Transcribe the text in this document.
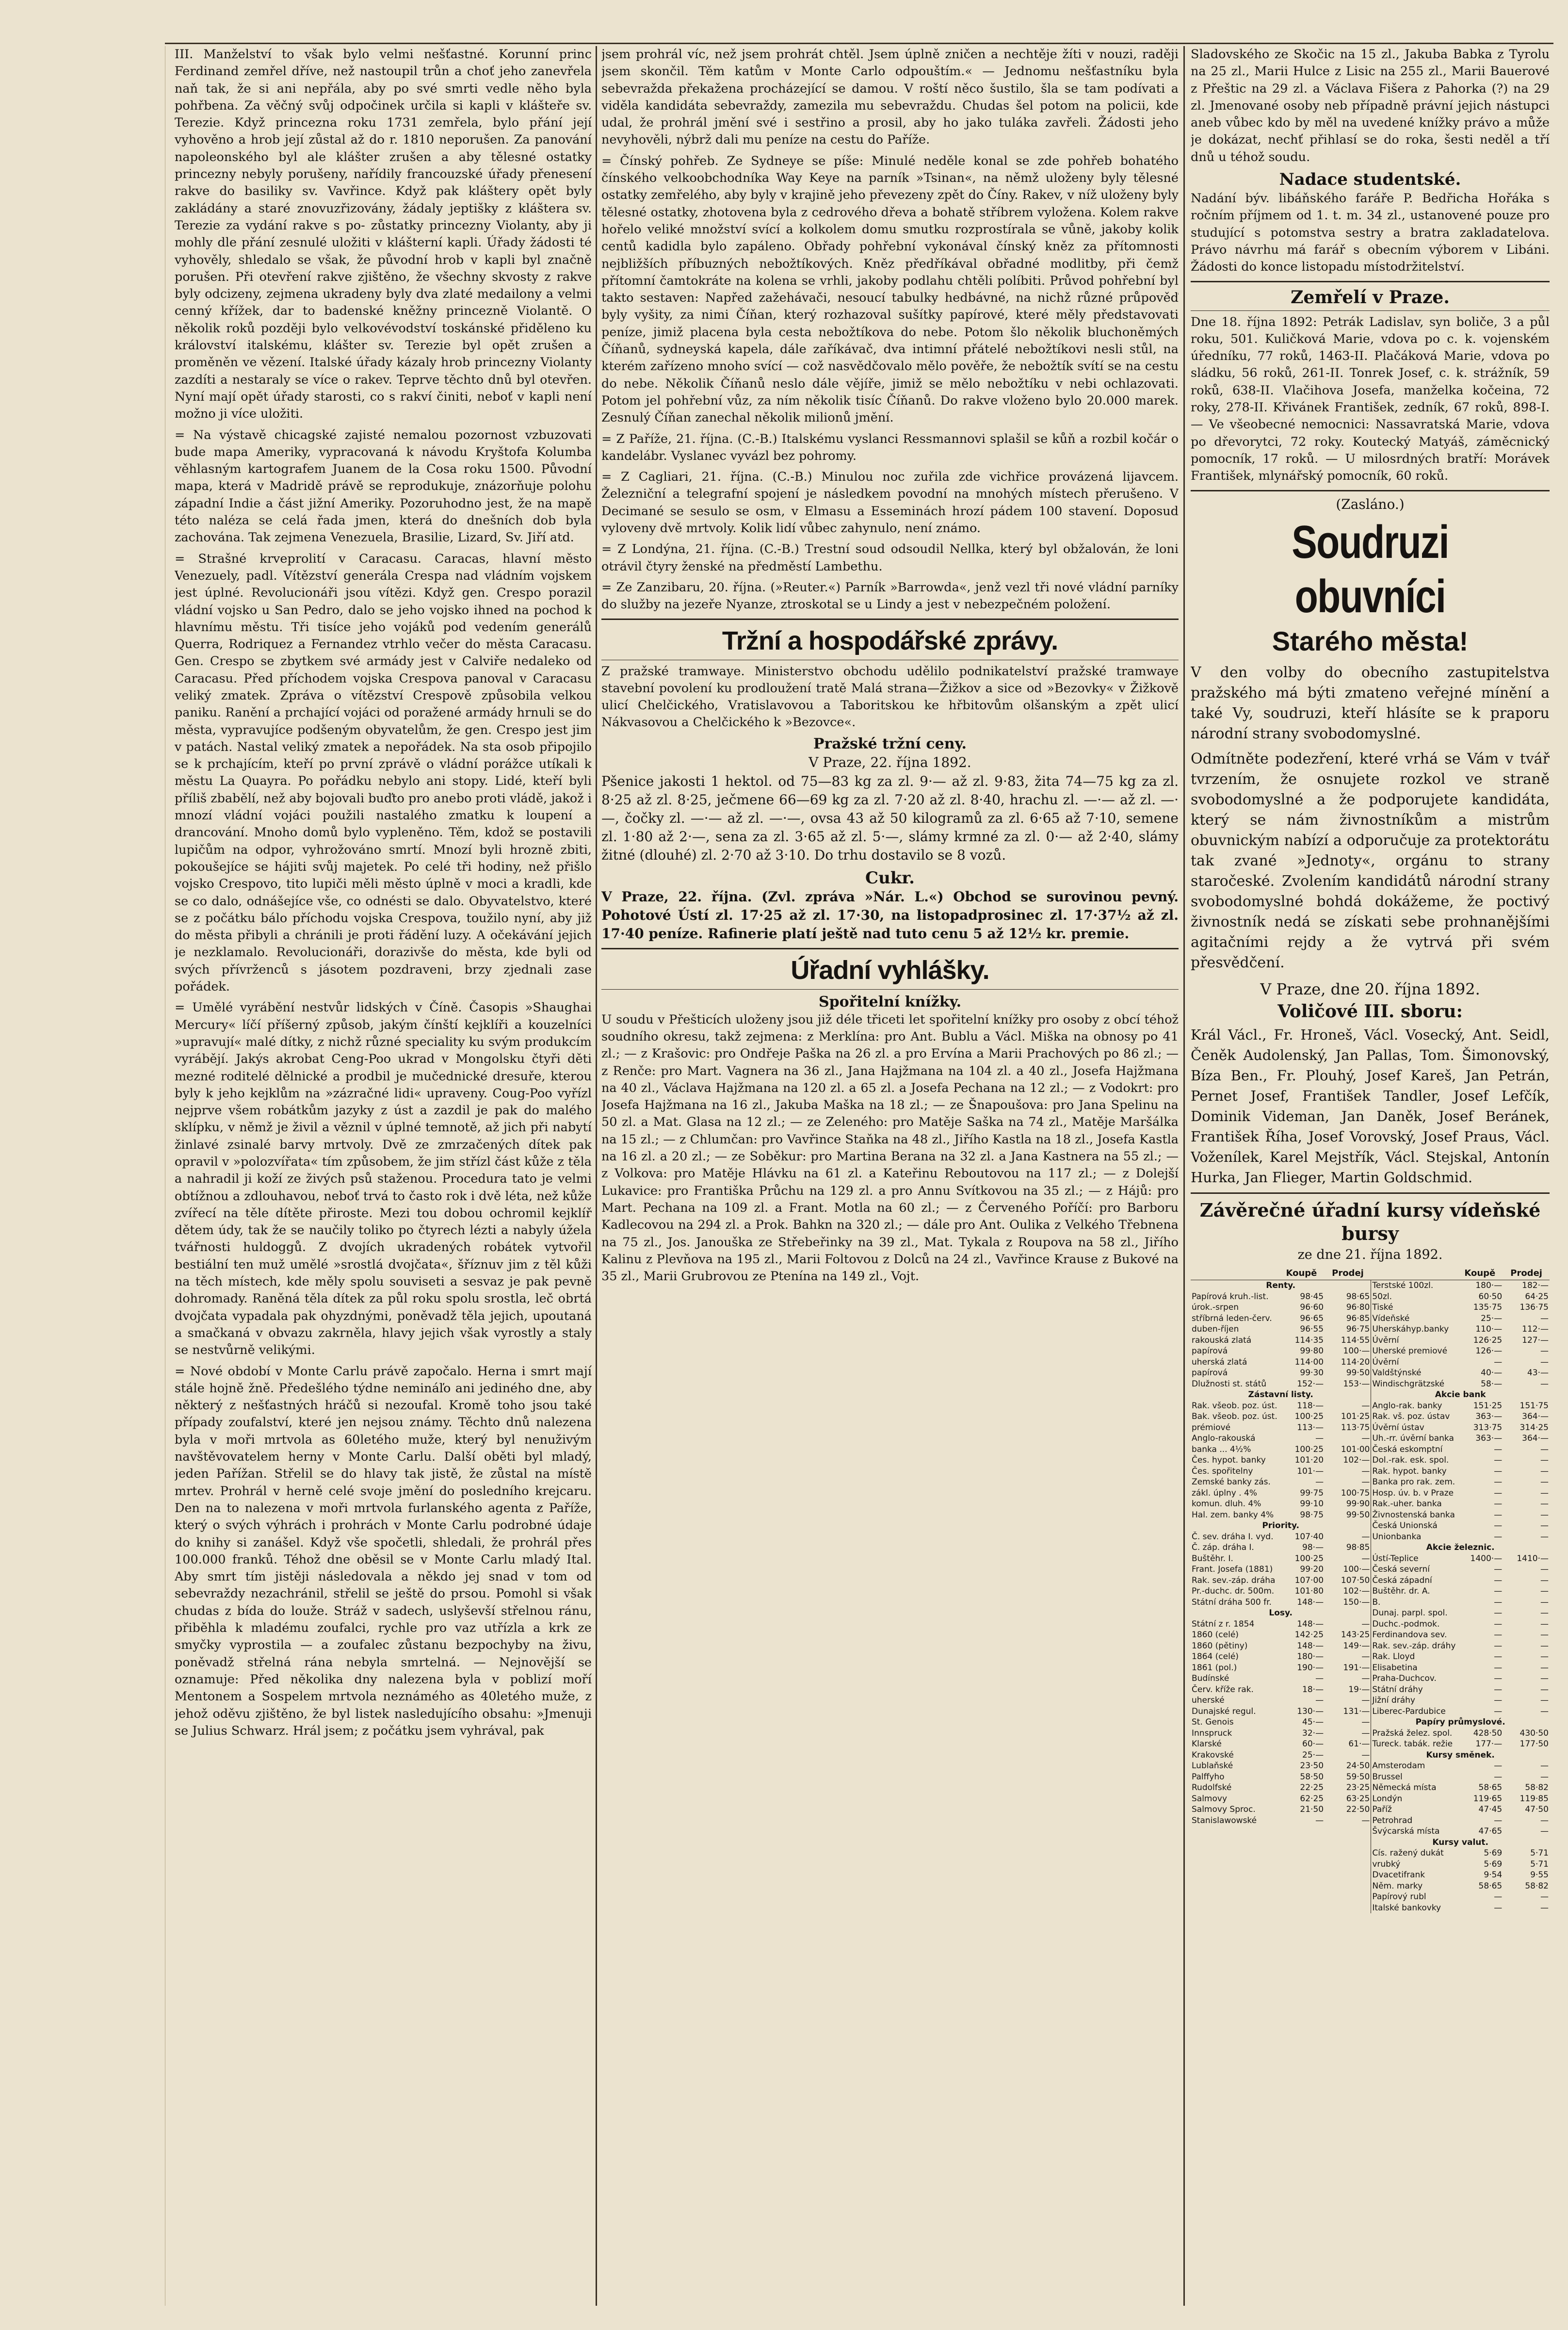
III. Manželství to však bylo velmi nešťastné. Korunní princ Ferdinand zemřel dříve, než nastoupil trůn a choť jeho zanevřela naň tak, že si ani nepřála, aby po své smrti vedle něho byla pohřbena. Za věčný svůj odpočinek určila si kapli v klášteře sv. Terezie. Když princezna roku 1731 zemřela, bylo přání její vyhověno a hrob její zůstal až do r. 1810 neporušen. Za panování napoleonského byl ale klášter zrušen a aby tělesné ostatky princezny nebyly porušeny, nařídily francouzské úřady přenesení rakve do basiliky sv. Vavřince. Když pak kláštery opět byly zakládány a staré znovuzřizovány, žádaly jeptišky z kláštera sv. Terezie za vydání rakve s po- zůstatky princezny Violanty, aby ji mohly dle přání zesnulé uložiti v klášterní kapli. Úřady žádosti té vyhověly, shledalo se však, že původní hrob v kapli byl značně porušen. Při otevření rakve zjištěno, že všechny skvosty z rakve byly odcizeny, zejmena ukradeny byly dva zlaté medailony a velmi cenný křížek, dar to badenské kněžny princezně Violantě. O několik roků později bylo velkovévodství toskánské přiděleno ku království italskému, klášter sv. Terezie byl opět zrušen a proměněn ve vězení. Italské úřady kázaly hrob princezny Violanty zazdíti a nestaraly se více o rakev. Teprve těchto dnů byl otevřen. Nyní mají opět úřady starosti, co s rakví činiti, neboť v kapli není možno ji více uložiti.

= Na výstavě chicagské zajisté nemalou pozornost vzbuzovati bude mapa Ameriky, vypracovaná k návodu Kryštofa Kolumba věhlasným kartografem Juanem de la Cosa roku 1500. Původní mapa, která v Madridě právě se reprodukuje, znázorňuje polohu západní Indie a část jižní Ameriky. Pozoruhodno jest, že na mapě této naléza se celá řada jmen, která do dnešních dob byla zachována. Tak zejmena Venezuela, Brasilie, Lizard, Sv. Jiří atd.

= Strašné krveprolití v Caracasu. Caracas, hlavní město Venezuely, padl. Vítězství generála Crespa nad vládním vojskem jest úplné. Revolucionáři jsou vítězi. Když gen. Crespo porazil vládní vojsko u San Pedro, dalo se jeho vojsko ihned na pochod k hlavnímu městu. Tři tisíce jeho vojáků pod vedením generálů Querra, Rodriquez a Fernandez vtrhlo večer do města Caracasu. Gen. Crespo se zbytkem své armády jest v Calviře nedaleko od Caracasu. Před příchodem vojska Crespova panoval v Caracasu veliký zmatek. Zpráva o vítězství Crespově způsobila velkou paniku. Ranění a prchající vojáci od poražené armády hrnuli se do města, vypravujíce podšeným obyvatelům, že gen. Crespo jest jim v patách. Nastal veliký zmatek a nepořádek. Na sta osob připojilo se k prchajícím, kteří po první zprávě o vládní porážce utíkali k městu La Quayra. Po pořádku nebylo ani stopy. Lidé, kteří byli příliš zbabělí, než aby bojovali buďto pro anebo proti vládě, jakož i mnozí vládní vojáci použili nastalého zmatku k loupení a drancování. Mnoho domů bylo vypleněno. Těm, kdož se postavili lupičům na odpor, vyhrožováno smrtí. Mnozí byli hrozně zbiti, pokoušejíce se hájiti svůj majetek. Po celé tři hodiny, než přišlo vojsko Crespovo, tito lupiči měli město úplně v moci a kradli, kde se co dalo, odnášejíce vše, co odnésti se dalo. Obyvatelstvo, které se z počátku bálo příchodu vojska Crespova, toužilo nyní, aby již do města přibyli a chránili je proti řádění luzy. A očekávání jejich je nezklamalo. Revolucionáři, dorazivše do města, kde byli od svých přívrženců s jásotem pozdraveni, brzy zjednali zase pořádek.

= Umělé vyrábění nestvůr lidských v Číně. Časopis »Shaughai Mercury« líčí příšerný způsob, jakým čínští kejklíři a kouzelníci »upravují« malé dítky, z nichž různé speciality ku svým produkcím vyrábějí. Jakýs akrobat Ceng-Poo ukrad v Mongolsku čtyři děti mezné roditelé dělnické a prodbil je mučednické dresuře, kterou byly k jeho kejklům na »zázračné lidi« upraveny. Coug-Poo vyřízl nejprve všem robátkům jazyky z úst a zazdil je pak do malého sklípku, v němž je živil a věznil v úplné temnotě, až jich při nabytí žinlavé zsinalé barvy mrtvoly. Dvě ze zmrzačených dítek pak opravil v »polozvířata« tím způsobem, že jim střízl část kůže z těla a nahradil ji koží ze živých psů staženou. Procedura tato je velmi obtížnou a zdlouhavou, neboť trvá to často rok i dvě léta, než kůže zvířecí na těle dítěte přiroste. Mezi tou dobou ochromil kejklíř dětem údy, tak že se naučily toliko po čtyrech lézti a nabyly úžela tvářnosti huldoggů. Z dvojích ukradených robátek vytvořil bestiální ten muž umělé »srostlá dvojčata«, šříznuv jim z těl kůži na těch místech, kde měly spolu souviseti a sesvaz je pak pevně dohromady. Raněná těla dítek za půl roku spolu srostla, leč obrtá dvojčata vypadala pak ohyzdnými, poněvadž těla jejich, upoutaná a smačkaná v obvazu zakrněla, hlavy jejich však vyrostly a staly se nestvůrně velikými.

= Nové období v Monte Carlu právě započalo. Herna i smrt mají stále hojně žně. Předešlého týdne nemináľo ani jediného dne, aby některý z nešťastných hráčů si nezoufal. Kromě toho jsou také případy zoufalství, které jen nejsou známy. Těchto dnů nalezena byla v moři mrtvola as 60letého muže, který byl nenuživým navštěvovatelem herny v Monte Carlu. Další oběti byl mladý, jeden Pařížan. Střelil se do hlavy tak jistě, že zůstal na místě mrtev. Prohrál v herně celé svoje jmění do posledního krejcaru. Den na to nalezena v moři mrtvola furlanského agenta z Paříže, který o svých výhrách i prohrách v Monte Carlu podrobné údaje do knihy si zanášel. Když vše spočetli, shledali, že prohrál přes 100.000 franků. Téhož dne oběsil se v Monte Carlu mladý Ital. Aby smrt tím jistěji následovala a někdo jej snad v tom od sebevraždy nezachránil, střelil se ještě do prsou. Pomohl si však chudas z bída do louže. Stráž v sadech, uslyševší střelnou ránu, přiběhla k mladému zoufalci, rychle pro vaz utřízla a krk ze smyčky vyprostila — a zoufalec zůstanu bezpochyby na živu, poněvadž střelná rána nebyla smrtelná. — Nejnovější se oznamuje: Před několika dny nalezena byla v poblizí moří Mentonem a Sospelem mrtvola neznámého as 40letého muže, z jehož oděvu zjištěno, že byl listek nasledujícího obsahu: »Jmenuji se Julius Schwarz. Hrál jsem; z počátku jsem vyhrával, pak

jsem prohrál víc, než jsem prohrát chtěl. Jsem úplně zničen a nechtěje žíti v nouzi, raději jsem skončil. Těm katům v Monte Carlo odpouštím.« — Jednomu nešťastníku byla sebevražda překažena procházející se damou. V roští něco šustilo, šla se tam podívati a viděla kandidáta sebevraždy, zamezila mu sebevraždu. Chudas šel potom na policii, kde udal, že prohrál jmění své i sestřino a prosil, aby ho jako tuláka zavřeli. Žádosti jeho nevyhověli, nýbrž dali mu peníze na cestu do Paříže.

= Čínský pohřeb. Ze Sydneye se píše: Minulé neděle konal se zde pohřeb bohatého čínského velkoobchodníka Way Keye na parník »Tsinan«, na němž uloženy byly tělesné ostatky zemřelého, aby byly v krajině jeho převezeny zpět do Číny. Rakev, v níž uloženy byly tělesné ostatky, zhotovena byla z cedrového dřeva a bohatě stříbrem vyložena. Kolem rakve hořelo veliké množství svící a kolkolem domu smutku rozprostírala se vůně, jakoby kolik centů kadidla bylo zapáleno. Obřady pohřební vykonával čínský kněz za přítomnosti nejbližších příbuzných nebožtíkových. Kněz předříkával obřadné modlitby, při čemž přítomní čamtokráte na kolena se vrhli, jakoby podlahu chtěli políbiti. Průvod pohřební byl takto sestaven: Napřed zažehávači, nesoucí tabulky hedbávné, na nichž různé průpověď byly vyšity, za nimi Číňan, který rozhazoval sušítky papírové, které měly představovati peníze, jimiž placena byla cesta nebožtíkova do nebe. Potom šlo několik bluchoněmých Číňanů, sydneyská kapela, dále zaříkávač, dva intimní přátelé nebožtíkovi nesli stůl, na kterém zařízeno mnoho svící — což nasvědčovalo mělo pověře, že nebožtík svítí se na cestu do nebe. Několik Číňanů neslo dále vějíře, jimiž se mělo nebožtíku v nebi ochlazovati. Potom jel pohřební vůz, za ním několik tisíc Číňanů. Do rakve vloženo bylo 20.000 marek. Zesnulý Číňan zanechal několik milionů jmění.

= Z Paříže, 21. října. (C.-B.) Italskému vyslanci Ressmannovi splašil se kůň a rozbil kočár o kandelábr. Vyslanec vyvázl bez pohromy.

= Z Cagliari, 21. října. (C.-B.) Minulou noc zuřila zde vichřice provázená lijavcem. Železniční a telegrafní spojení je následkem povodní na mnohých místech přerušeno. V Decimané se sesulo se osm, v Elmasu a Esseminách hrozí pádem 100 stavení. Doposud vyloveny dvě mrtvoly. Kolik lidí vůbec zahynulo, není známo.

= Z Londýna, 21. října. (C.-B.) Trestní soud odsoudil Nellka, který byl obžalován, že loni otrávil čtyry ženské na předměstí Lambethu.

= Ze Zanzibaru, 20. října. (»Reuter.«) Parník »Barrowda«, jenž vezl tři nové vládní parníky do služby na jezeře Nyanze, ztroskotal se u Lindy a jest v nebezpečném položení.

Tržní a hospodářské zprávy.

Z pražské tramwaye. Ministerstvo obchodu udělilo podnikatelství pražské tramwaye stavební povolení ku prodloužení tratě Malá strana—Žižkov a sice od »Bezovky« v Žižkově ulicí Chelčického, Vratislavovou a Taboritskou ke hřbitovům olšanským a zpět ulicí Nákvasovou a Chelčického k »Bezovce«.

Pražské tržní ceny.
V Praze, 22. října 1892.

Pšenice jakosti 1 hektol. od 75—83 kg za zl. 9·— až zl. 9·83, žita 74—75 kg za zl. 8·25 až zl. 8·25, ječmene 66—69 kg za zl. 7·20 až zl. 8·40, hrachu zl. —·— až zl. —·—, čočky zl. —·— až zl. —·—, ovsa 43 až 50 kilogramů za zl. 6·65 až 7·10, semene zl. 1·80 až 2·—, sena za zl. 3·65 až zl. 5·—, slámy krmné za zl. 0·— až 2·40, slámy žitné (dlouhé) zl. 2·70 až 3·10. Do trhu dostavilo se 8 vozů.

Cukr.

V Praze, 22. října. (Zvl. zpráva »Nár. L.«) Obchod se surovinou pevný. Pohotové Ústí zl. 17·25 až zl. 17·30, na listopadprosinec zl. 17·37½ až zl. 17·40 peníze. Rafinerie platí ještě nad tuto cenu 5 až 12½ kr. premie.

Úřadní vyhlášky.
Spořitelní knížky.

U soudu v Přešticích uloženy jsou již déle třiceti let spořitelní knížky pro osoby z obcí téhož soudního okresu, takž zejmena: z Merklína: pro Ant. Bublu a Václ. Miška na obnosy po 41 zl.; — z Krašovic: pro Ondřeje Paška na 26 zl. a pro Ervína a Marii Prachových po 86 zl.; — z Renče: pro Mart. Vagnera na 36 zl., Jana Hajžmana na 104 zl. a 40 zl., Josefa Hajžmana na 40 zl., Václava Hajžmana na 120 zl. a 65 zl. a Josefa Pechana na 12 zl.; — z Vodokrt: pro Josefa Hajžmana na 16 zl., Jakuba Maška na 18 zl.; — ze Šnapoušova: pro Jana Spelinu na 50 zl. a Mat. Glasa na 12 zl.; — ze Zeleného: pro Matěje Saška na 74 zl., Matěje Maršálka na 15 zl.; — z Chlumčan: pro Vavřince Staňka na 48 zl., Jiřího Kastla na 18 zl., Josefa Kastla na 16 zl. a 20 zl.; — ze Soběkur: pro Martina Berana na 32 zl. a Jana Kastnera na 55 zl.; — z Volkova: pro Matěje Hlávku na 61 zl. a Kateřinu Reboutovou na 117 zl.; — z Dolejší Lukavice: pro Františka Průchu na 129 zl. a pro Annu Svítkovou na 35 zl.; — z Hájů: pro Mart. Pechana na 109 zl. a Frant. Motla na 60 zl.; — z Červeného Poříčí: pro Barboru Kadlecovou na 294 zl. a Prok. Bahkn na 320 zl.; — dále pro Ant. Oulika z Velkého Třebnena na 75 zl., Jos. Janouška ze Střebeřinky na 39 zl., Mat. Tykala z Roupova na 58 zl., Jiřího Kalinu z Plevňova na 195 zl., Marii Foltovou z Dolců na 24 zl., Vavřince Krause z Bukové na 35 zl., Marii Grubrovou ze Ptenína na 149 zl., Vojt.

Sladovského ze Skočic na 15 zl., Jakuba Babka z Tyrolu na 25 zl., Marii Hulce z Lisic na 255 zl., Marii Bauerové z Přeštic na 29 zl. a Václava Fišera z Pahorka (?) na 29 zl. Jmenované osoby neb případně právní jejich nástupci aneb vůbec kdo by měl na uvedené knížky právo a může je dokázat, nechť přihlasí se do roka, šesti neděl a tří dnů u téhož soudu.

Nadace studentské.

Nadání býv. libáňského faráře P. Bedřicha Hořáka s ročním příjmem od 1. t. m. 34 zl., ustanovené pouze pro studující s potomstva sestry a bratra zakladatelova. Právo návrhu má farář s obecním výborem v Libáni. Žádosti do konce listopadu místodržitelství.

Zemřelí v Praze.

Dne 18. října 1892: Petrák Ladislav, syn boliče, 3 a půl roku, 501. Kuličková Marie, vdova po c. k. vojenském úředníku, 77 roků, 1463-II. Plačáková Marie, vdova po sládku, 56 roků, 261-II. Tonrek Josef, c. k. strážník, 59 roků, 638-II. Vlačihova Josefa, manželka kočeina, 72 roky, 278-II. Křivánek František, zedník, 67 roků, 898-I. — Ve všeobecné nemocnici: Nassavratská Marie, vdova po dřevorytci, 72 roky. Koutecký Matyáš, záměcnický pomocník, 17 roků. — U milosrdných bratří: Morávek František, mlynářský pomocník, 60 roků.

(Zasláno.)
Soudruzi obuvníci
Starého města!
V den volby do obecního zastupitelstva pražského má býti zmateno veřejné mínění a také Vy, soudruzi, kteří hlásíte se k praporu národní strany svobodomyslné.
Odmítněte podezření, které vrhá se Vám v tvář tvrzením, že osnujete rozkol ve straně svobodomyslné a že podporujete kandidáta, který se nám živnostníkům a mistrům obuvnickým nabízí a odporučuje za protektorátu tak zvané »Jednoty«, orgánu to strany staročeské. Zvolením kandidátů národní strany svobodomyslné bohdá dokážeme, že poctivý živnostník nedá se získati sebe prohnanějšími agitačními rejdy a že vytrvá při svém přesvědčení.
V Praze, dne 20. října 1892.
Voličové III. sboru:
Král Václ., Fr. Hroneš, Václ. Vosecký, Ant. Seidl, Čeněk Audolenský, Jan Pallas, Tom. Šimonovský, Bíza Ben., Fr. Plouhý, Josef Kareš, Jan Petrán, Pernet Josef, František Tandler, Josef Lefčík, Dominik Videman, Jan Daněk, Josef Beránek, František Říha, Josef Vorovský, Josef Praus, Václ. Voženílek, Karel Mejstřík, Václ. Stejskal, Antonín Hurka, Jan Flieger, Martin Goldschmid.
Závěrečné úřadní kursy vídeňské bursy
ze dne 21. října 1892.
	Koupě	Prodej		Koupě	Prodej
Renty.			Terstské 100zl.	180·—	182·—
Papírová kruh.-list.	98·45	98·65	50zl.	60·50	64·25
úrok.-srpen	96·60	96·80	Tiské	135·75	136·75
stříbrná leden-červ.	96·65	96·85	Vídeňské	25·—	—
duben-říjen	96·55	96·75	Uherskáhyp.banky	110·—	112·—
rakouská zlatá	114·35	114·55	Úvěrní	126·25	127·—
papírová	99·80	100·—	Uherské premiové	126·—	—
uherská zlatá	114·00	114·20	Úvěrní	—	—
papírová	99·30	99·50	Valdštýnské	40·—	43·—
Dlužnosti st. států	152·—	153·—	Windischgrätzské	58·—	—
Zástavní listy.			Akcie bank		
Rak. všeob. poz. úst.	118·—	—	Anglo-rak. banky	151·25	151·75
Bak. všeob. poz. úst.	100·25	101·25	Rak. vš. poz. ústav	363·—	364·—
prémiové	113·—	113·75	Úvěrní ústav	313·75	314·25
Anglo-rakouská	—	—	Uh.-rr. úvěrní banka	363·—	364·—
banka ... 4½%	100·25	101·00	Česká eskomptní	—	—
Čes. hypot. banky	101·20	102·—	Dol.-rak. esk. spol.	—	—
Čes. spořitelny	101·—	—	Rak. hypot. banky	—	—
Zemské banky zás.	—	—	Banka pro rak. zem.	—	—
zákl. úplny . 4%	99·75	100·75	Hosp. úv. b. v Praze	—	—
komun. dluh. 4%	99·10	99·90	Rak.-uher. banka	—	—
Hal. zem. banky 4%	98·75	99·50	Živnostenská banka	—	—
Priority.			Česká Unionská	—	—
Č. sev. dráha I. vyd.	107·40	—	Unionbanka	—	—
Č. záp. dráha I.	98·—	98·85	Akcie železnic.		
Buštěhr. I.	100·25	—	Ústí-Teplice	1400·—	1410·—
Frant. Josefa (1881)	99·20	100·—	Česká severní	—	—
Rak. sev.-záp. dráha	107·00	107·50	Česká západní	—	—
Pr.-duchc. dr. 500m.	101·80	102·—	Buštěhr. dr. A.	—	—
Státní dráha 500 fr.	148·—	150·—	B.	—	—
Losy.			Dunaj. parpl. spol.	—	—
Státní z r. 1854	148·—	—	Duchc.-podmok.	—	—
1860 (celé)	142·25	143·25	Ferdinandova sev.	—	—
1860 (pětiny)	148·—	149·—	Rak. sev.-záp. dráhy	—	—
1864 (celé)	180·—	—	Rak. Lloyd	—	—
1861 (pol.)	190·—	191·—	Elisabetina	—	—
Budínské	—	—	Praha-Duchcov.	—	—
Červ. kříže rak.	18·—	19·—	Státní dráhy	—	—
uherské	—	—	Jižní dráhy	—	—
Dunajské regul.	130·—	131·—	Liberec-Pardubice	—	—
St. Genois	45·—	—	Papíry průmyslové.		
Innspruck	32·—	—	Pražská želez. spol.	428·50	430·50
Klarské	60·—	61·—	Tureck. tabák. režie	177·—	177·50
Krakovské	25·—	—	Kursy směnek.		
Lublaňské	23·50	24·50	Amsterodam	—	—
Palffyho	58·50	59·50	Brussel	—	—
Rudolfské	22·25	23·25	Německá místa	58·65	58·82
Salmovy	62·25	63·25	Londýn	119·65	119·85
Salmovy Sproc.	21·50	22·50	Paříž	47·45	47·50
Stanislawowské	—	—	Petrohrad	—	—
			Švýcarská místa	47·65	—
			Kursy valut.		
			Cís. ražený dukát	5·69	5·71
			vrubký	5·69	5·71
			Dvacetifrank	9·54	9·55
			Něm. marky	58·65	58·82
			Papírový rubl	—	—
			Italské bankovky	—	—
